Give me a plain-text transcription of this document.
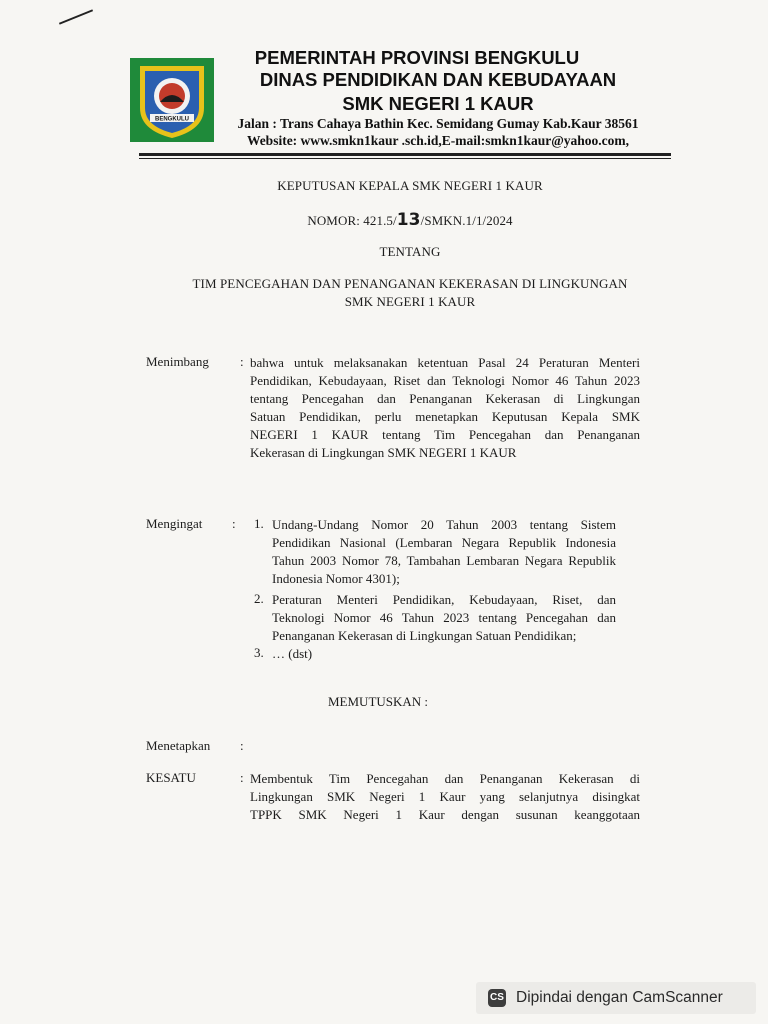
BENGKULU
PEMERINTAH PROVINSI BENGKULU
DINAS PENDIDIKAN DAN KEBUDAYAAN
SMK NEGERI 1 KAUR
Jalan : Trans Cahaya Bathin Kec. Semidang Gumay Kab.Kaur 38561
Website: www.smkn1kaur .sch.id,E-mail:smkn1kaur@yahoo.com,
KEPUTUSAN KEPALA SMK NEGERI 1 KAUR
NOMOR: 421.5/13/SMKN.1/1/2024
TENTANG
TIM PENCEGAHAN DAN PENANGANAN KEKERASAN DI LINGKUNGAN
SMK NEGERI 1 KAUR
Menimbang : bahwa untuk melaksanakan ketentuan Pasal 24 Peraturan Menteri
Pendidikan, Kebudayaan, Riset dan Teknologi Nomor 46 Tahun 2023
tentang Pencegahan dan Penanganan Kekerasan di Lingkungan
Satuan Pendidikan, perlu menetapkan Keputusan Kepala SMK
NEGERI 1 KAUR tentang Tim Pencegahan dan Penanganan
Kekerasan di Lingkungan SMK NEGERI 1 KAUR
Mengingat : 1. Undang-Undang Nomor 20 Tahun 2003 tentang Sistem
Pendidikan Nasional (Lembaran Negara Republik Indonesia
Tahun 2003 Nomor 78, Tambahan Lembaran Negara Republik
Indonesia Nomor 4301);
2. Peraturan Menteri Pendidikan, Kebudayaan, Riset, dan
Teknologi Nomor 46 Tahun 2023 tentang Pencegahan dan
Penanganan Kekerasan di Lingkungan Satuan Pendidikan;
3. … (dst)
MEMUTUSKAN :
Menetapkan :
KESATU	: Membentuk Tim Pencegahan dan Penanganan Kekerasan di
Lingkungan SMK Negeri 1 Kaur yang selanjutnya disingkat
TPPK SMK Negeri 1 Kaur dengan susunan keanggotaan
CS Dipindai dengan CamScanner
